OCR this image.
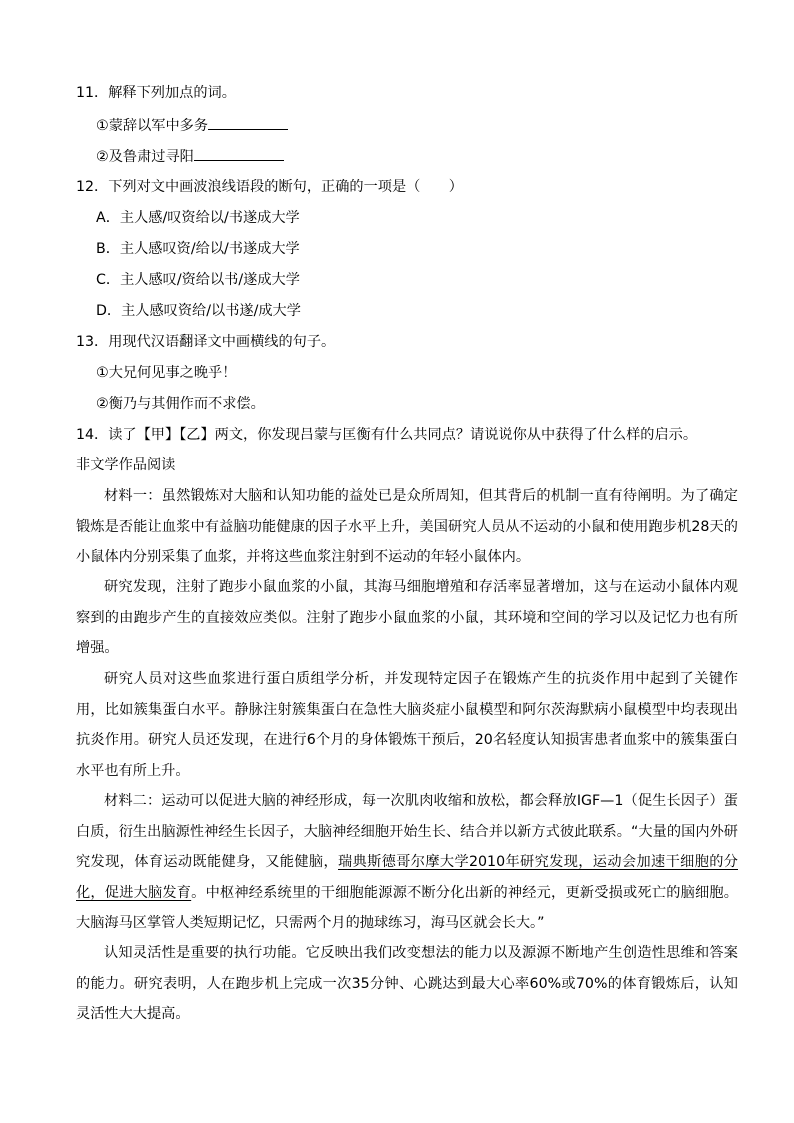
11．解释下列加点的词。
①蒙辞以军中多务
②及鲁肃过寻阳
12．下列对文中画波浪线语段的断句，正确的一项是（　　）
A．主人感/叹资给以/书遂成大学
B．主人感叹资/给以/书遂成大学
C．主人感叹/资给以书/遂成大学
D．主人感叹资给/以书遂/成大学
13．用现代汉语翻译文中画横线的句子。
①大兄何见事之晚乎！
②衡乃与其佣作而不求偿。
14．读了【甲】【乙】两文，你发现吕蒙与匡衡有什么共同点？请说说你从中获得了什么样的启示。
非文学作品阅读
材料一：虽然锻炼对大脑和认知功能的益处已是众所周知，但其背后的机制一直有待阐明。为了确定锻炼是否能让血浆中有益脑功能健康的因子水平上升，美国研究人员从不运动的小鼠和使用跑步机28天的小鼠体内分别采集了血浆，并将这些血浆注射到不运动的年轻小鼠体内。
研究发现，注射了跑步小鼠血浆的小鼠，其海马细胞增殖和存活率显著增加，这与在运动小鼠体内观察到的由跑步产生的直接效应类似。注射了跑步小鼠血浆的小鼠，其环境和空间的学习以及记忆力也有所增强。
研究人员对这些血浆进行蛋白质组学分析，并发现特定因子在锻炼产生的抗炎作用中起到了关键作用，比如簇集蛋白水平。静脉注射簇集蛋白在急性大脑炎症小鼠模型和阿尔茨海默病小鼠模型中均表现出抗炎作用。研究人员还发现，在进行6个月的身体锻炼干预后，20名轻度认知损害患者血浆中的簇集蛋白水平也有所上升。
材料二：运动可以促进大脑的神经形成，每一次肌肉收缩和放松，都会释放IGF—1（促生长因子）蛋白质，衍生出脑源性神经生长因子，大脑神经细胞开始生长、结合并以新方式彼此联系。“大量的国内外研究发现，体育运动既能健身，又能健脑，瑞典斯德哥尔摩大学2010年研究发现，运动会加速干细胞的分化，促进大脑发育。中枢神经系统里的干细胞能源源不断分化出新的神经元，更新受损或死亡的脑细胞。大脑海马区掌管人类短期记忆，只需两个月的抛球练习，海马区就会长大。”
认知灵活性是重要的执行功能。它反映出我们改变想法的能力以及源源不断地产生创造性思维和答案的能力。研究表明，人在跑步机上完成一次35分钟、心跳达到最大心率60%或70%的体育锻炼后，认知灵活性大大提高。
